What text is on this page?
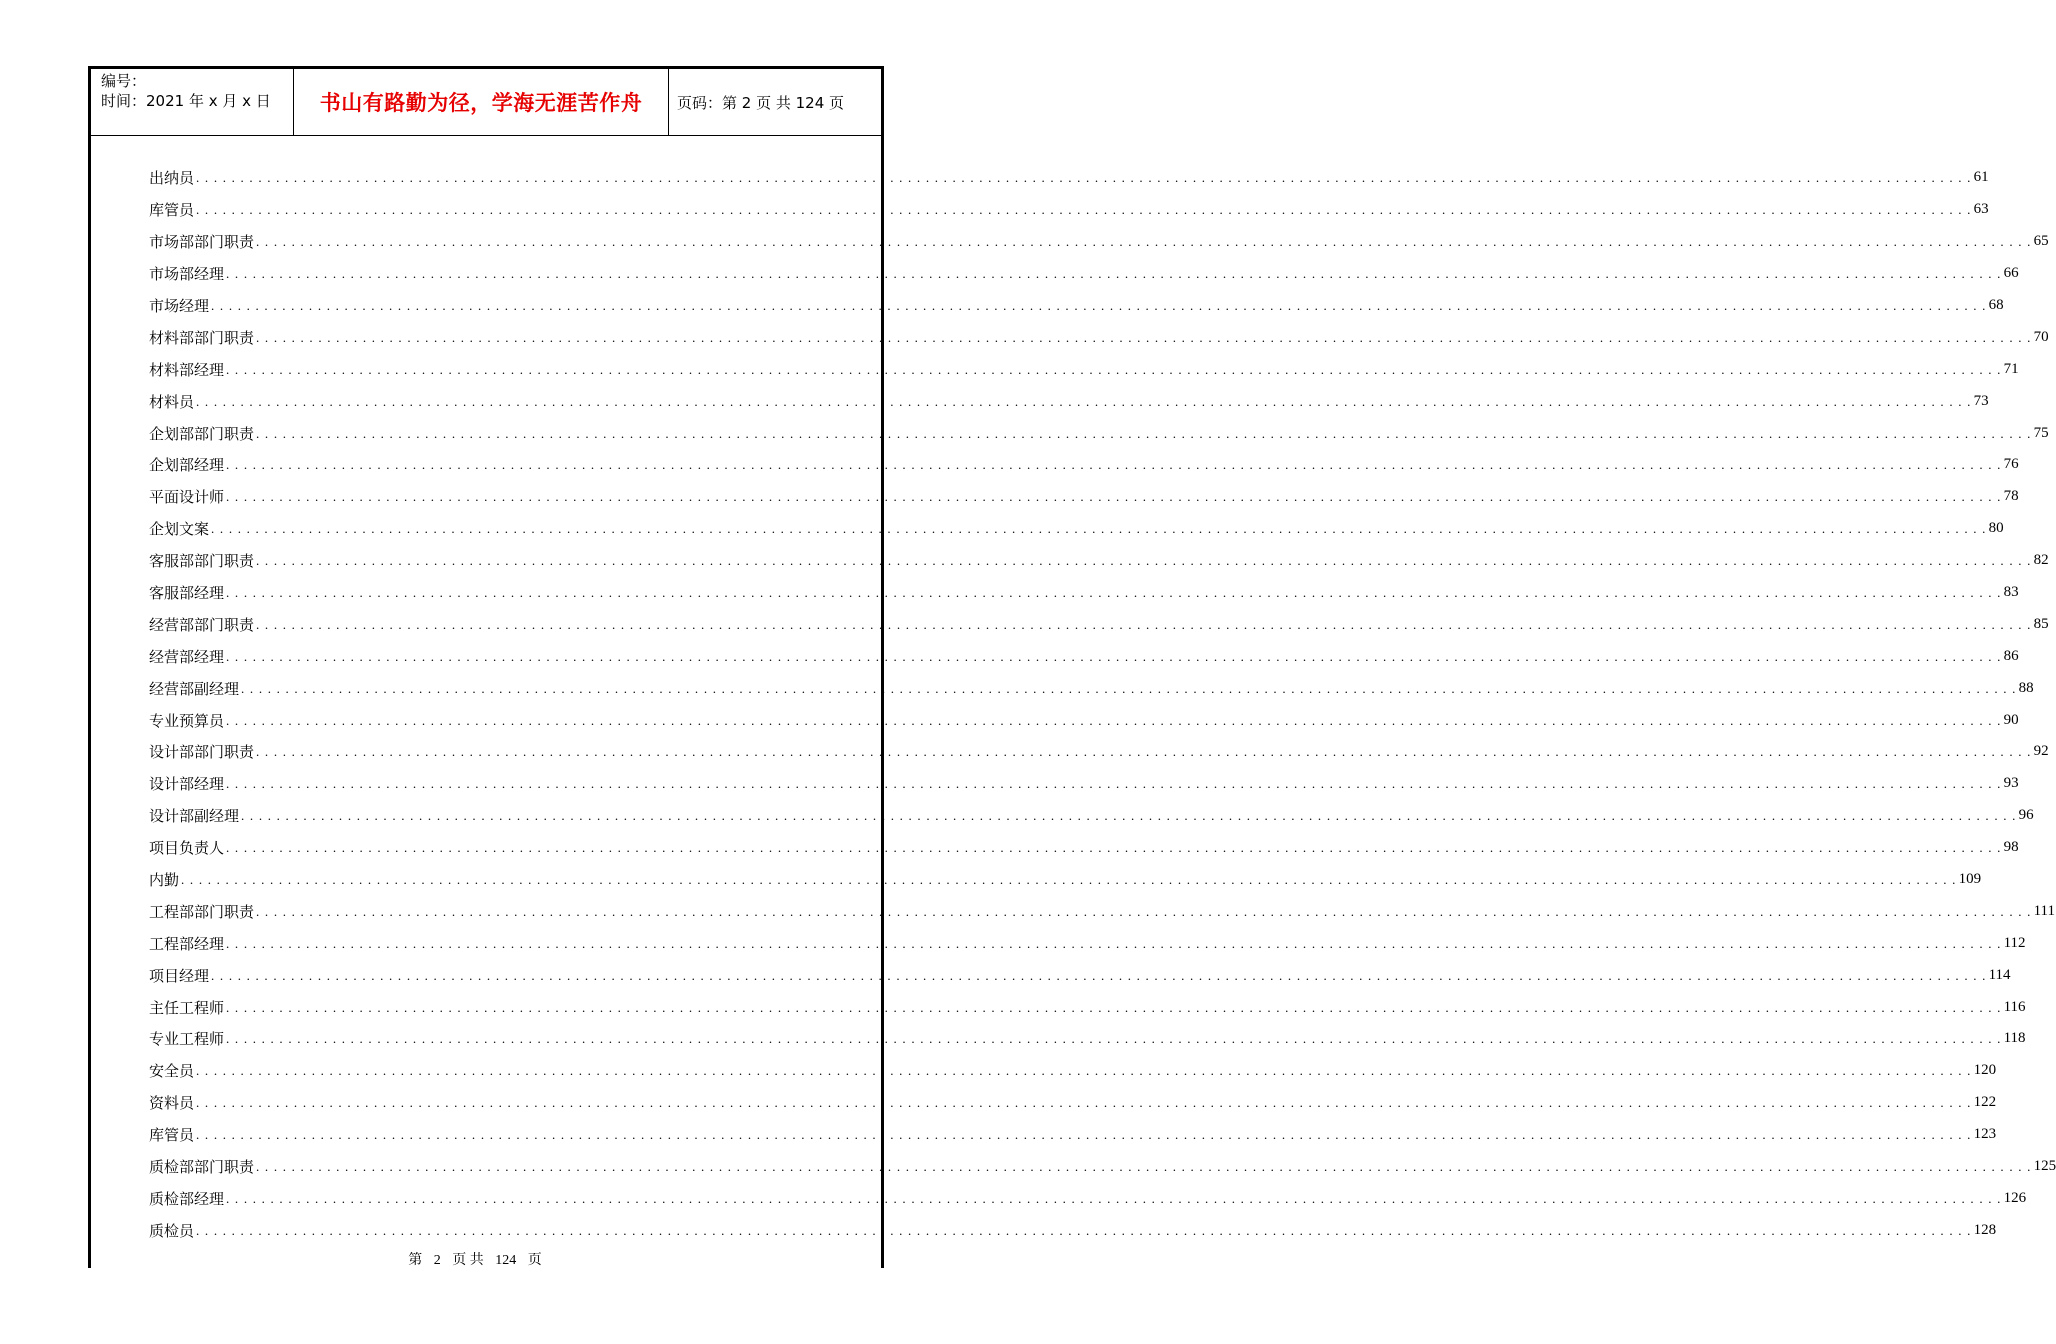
编号：
时间：2021 年 x 月 x 日	书山有路勤为径，学海无涯苦作舟	页码：第 2 页 共 124 页
出纳员 . . . . . . . . . . . . . . . . . . . . . . . . . . . . . . . . . . . . . . . . . . . . . . . . . . . . . . . . . . . . . . . . . . . . . . . . . . . . . . . . . . . . . . . . . . . . . . . . . . . . . . . . . . . . . . . . . . . . . . . . . . . . . . . . . . . . . . . . . . . . . . . . . . . . . . . . . . . . . . . . . . . . . . . . . . . . . . . . . . . . . . . . . . . . . . . . . . . . . . . . 61
库管员 . . . . . . . . . . . . . . . . . . . . . . . . . . . . . . . . . . . . . . . . . . . . . . . . . . . . . . . . . . . . . . . . . . . . . . . . . . . . . . . . . . . . . . . . . . . . . . . . . . . . . . . . . . . . . . . . . . . . . . . . . . . . . . . . . . . . . . . . . . . . . . . . . . . . . . . . . . . . . . . . . . . . . . . . . . . . . . . . . . . . . . . . . . . . . . . . . . . . . . . . 63
市场部部门职责 . . . . . . . . . . . . . . . . . . . . . . . . . . . . . . . . . . . . . . . . . . . . . . . . . . . . . . . . . . . . . . . . . . . . . . . . . . . . . . . . . . . . . . . . . . . . . . . . . . . . . . . . . . . . . . . . . . . . . . . . . . . . . . . . . . . . . . . . . . . . . . . . . . . . . . . . . . . . . . . . . . . . . . . . . . . . . . . . . . . . . . . . . . . . . . . . . . . . . . . . 65
市场部经理 . . . . . . . . . . . . . . . . . . . . . . . . . . . . . . . . . . . . . . . . . . . . . . . . . . . . . . . . . . . . . . . . . . . . . . . . . . . . . . . . . . . . . . . . . . . . . . . . . . . . . . . . . . . . . . . . . . . . . . . . . . . . . . . . . . . . . . . . . . . . . . . . . . . . . . . . . . . . . . . . . . . . . . . . . . . . . . . . . . . . . . . . . . . . . . . . . . . . . . . . 66
市场经理 . . . . . . . . . . . . . . . . . . . . . . . . . . . . . . . . . . . . . . . . . . . . . . . . . . . . . . . . . . . . . . . . . . . . . . . . . . . . . . . . . . . . . . . . . . . . . . . . . . . . . . . . . . . . . . . . . . . . . . . . . . . . . . . . . . . . . . . . . . . . . . . . . . . . . . . . . . . . . . . . . . . . . . . . . . . . . . . . . . . . . . . . . . . . . . . . . . . . . . . . 68
材料部部门职责 . . . . . . . . . . . . . . . . . . . . . . . . . . . . . . . . . . . . . . . . . . . . . . . . . . . . . . . . . . . . . . . . . . . . . . . . . . . . . . . . . . . . . . . . . . . . . . . . . . . . . . . . . . . . . . . . . . . . . . . . . . . . . . . . . . . . . . . . . . . . . . . . . . . . . . . . . . . . . . . . . . . . . . . . . . . . . . . . . . . . . . . . . . . . . . . . . . . . . . . . 70
材料部经理 . . . . . . . . . . . . . . . . . . . . . . . . . . . . . . . . . . . . . . . . . . . . . . . . . . . . . . . . . . . . . . . . . . . . . . . . . . . . . . . . . . . . . . . . . . . . . . . . . . . . . . . . . . . . . . . . . . . . . . . . . . . . . . . . . . . . . . . . . . . . . . . . . . . . . . . . . . . . . . . . . . . . . . . . . . . . . . . . . . . . . . . . . . . . . . . . . . . . . . . . 71
材料员 . . . . . . . . . . . . . . . . . . . . . . . . . . . . . . . . . . . . . . . . . . . . . . . . . . . . . . . . . . . . . . . . . . . . . . . . . . . . . . . . . . . . . . . . . . . . . . . . . . . . . . . . . . . . . . . . . . . . . . . . . . . . . . . . . . . . . . . . . . . . . . . . . . . . . . . . . . . . . . . . . . . . . . . . . . . . . . . . . . . . . . . . . . . . . . . . . . . . . . . . 73
企划部部门职责 . . . . . . . . . . . . . . . . . . . . . . . . . . . . . . . . . . . . . . . . . . . . . . . . . . . . . . . . . . . . . . . . . . . . . . . . . . . . . . . . . . . . . . . . . . . . . . . . . . . . . . . . . . . . . . . . . . . . . . . . . . . . . . . . . . . . . . . . . . . . . . . . . . . . . . . . . . . . . . . . . . . . . . . . . . . . . . . . . . . . . . . . . . . . . . . . . . . . . . . . 75
企划部经理 . . . . . . . . . . . . . . . . . . . . . . . . . . . . . . . . . . . . . . . . . . . . . . . . . . . . . . . . . . . . . . . . . . . . . . . . . . . . . . . . . . . . . . . . . . . . . . . . . . . . . . . . . . . . . . . . . . . . . . . . . . . . . . . . . . . . . . . . . . . . . . . . . . . . . . . . . . . . . . . . . . . . . . . . . . . . . . . . . . . . . . . . . . . . . . . . . . . . . . . . 76
平面设计师 . . . . . . . . . . . . . . . . . . . . . . . . . . . . . . . . . . . . . . . . . . . . . . . . . . . . . . . . . . . . . . . . . . . . . . . . . . . . . . . . . . . . . . . . . . . . . . . . . . . . . . . . . . . . . . . . . . . . . . . . . . . . . . . . . . . . . . . . . . . . . . . . . . . . . . . . . . . . . . . . . . . . . . . . . . . . . . . . . . . . . . . . . . . . . . . . . . . . . . . . 78
企划文案 . . . . . . . . . . . . . . . . . . . . . . . . . . . . . . . . . . . . . . . . . . . . . . . . . . . . . . . . . . . . . . . . . . . . . . . . . . . . . . . . . . . . . . . . . . . . . . . . . . . . . . . . . . . . . . . . . . . . . . . . . . . . . . . . . . . . . . . . . . . . . . . . . . . . . . . . . . . . . . . . . . . . . . . . . . . . . . . . . . . . . . . . . . . . . . . . . . . . . . . . 80
客服部部门职责 . . . . . . . . . . . . . . . . . . . . . . . . . . . . . . . . . . . . . . . . . . . . . . . . . . . . . . . . . . . . . . . . . . . . . . . . . . . . . . . . . . . . . . . . . . . . . . . . . . . . . . . . . . . . . . . . . . . . . . . . . . . . . . . . . . . . . . . . . . . . . . . . . . . . . . . . . . . . . . . . . . . . . . . . . . . . . . . . . . . . . . . . . . . . . . . . . . . . . . . . 82
客服部经理 . . . . . . . . . . . . . . . . . . . . . . . . . . . . . . . . . . . . . . . . . . . . . . . . . . . . . . . . . . . . . . . . . . . . . . . . . . . . . . . . . . . . . . . . . . . . . . . . . . . . . . . . . . . . . . . . . . . . . . . . . . . . . . . . . . . . . . . . . . . . . . . . . . . . . . . . . . . . . . . . . . . . . . . . . . . . . . . . . . . . . . . . . . . . . . . . . . . . . . . . 83
经营部部门职责 . . . . . . . . . . . . . . . . . . . . . . . . . . . . . . . . . . . . . . . . . . . . . . . . . . . . . . . . . . . . . . . . . . . . . . . . . . . . . . . . . . . . . . . . . . . . . . . . . . . . . . . . . . . . . . . . . . . . . . . . . . . . . . . . . . . . . . . . . . . . . . . . . . . . . . . . . . . . . . . . . . . . . . . . . . . . . . . . . . . . . . . . . . . . . . . . . . . . . . . . 85
经营部经理 . . . . . . . . . . . . . . . . . . . . . . . . . . . . . . . . . . . . . . . . . . . . . . . . . . . . . . . . . . . . . . . . . . . . . . . . . . . . . . . . . . . . . . . . . . . . . . . . . . . . . . . . . . . . . . . . . . . . . . . . . . . . . . . . . . . . . . . . . . . . . . . . . . . . . . . . . . . . . . . . . . . . . . . . . . . . . . . . . . . . . . . . . . . . . . . . . . . . . . . . 86
经营部副经理 . . . . . . . . . . . . . . . . . . . . . . . . . . . . . . . . . . . . . . . . . . . . . . . . . . . . . . . . . . . . . . . . . . . . . . . . . . . . . . . . . . . . . . . . . . . . . . . . . . . . . . . . . . . . . . . . . . . . . . . . . . . . . . . . . . . . . . . . . . . . . . . . . . . . . . . . . . . . . . . . . . . . . . . . . . . . . . . . . . . . . . . . . . . . . . . . . . . . . . . . 88
专业预算员 . . . . . . . . . . . . . . . . . . . . . . . . . . . . . . . . . . . . . . . . . . . . . . . . . . . . . . . . . . . . . . . . . . . . . . . . . . . . . . . . . . . . . . . . . . . . . . . . . . . . . . . . . . . . . . . . . . . . . . . . . . . . . . . . . . . . . . . . . . . . . . . . . . . . . . . . . . . . . . . . . . . . . . . . . . . . . . . . . . . . . . . . . . . . . . . . . . . . . . . . 90
设计部部门职责 . . . . . . . . . . . . . . . . . . . . . . . . . . . . . . . . . . . . . . . . . . . . . . . . . . . . . . . . . . . . . . . . . . . . . . . . . . . . . . . . . . . . . . . . . . . . . . . . . . . . . . . . . . . . . . . . . . . . . . . . . . . . . . . . . . . . . . . . . . . . . . . . . . . . . . . . . . . . . . . . . . . . . . . . . . . . . . . . . . . . . . . . . . . . . . . . . . . . . . . . 92
设计部经理 . . . . . . . . . . . . . . . . . . . . . . . . . . . . . . . . . . . . . . . . . . . . . . . . . . . . . . . . . . . . . . . . . . . . . . . . . . . . . . . . . . . . . . . . . . . . . . . . . . . . . . . . . . . . . . . . . . . . . . . . . . . . . . . . . . . . . . . . . . . . . . . . . . . . . . . . . . . . . . . . . . . . . . . . . . . . . . . . . . . . . . . . . . . . . . . . . . . . . . . . 93
设计部副经理 . . . . . . . . . . . . . . . . . . . . . . . . . . . . . . . . . . . . . . . . . . . . . . . . . . . . . . . . . . . . . . . . . . . . . . . . . . . . . . . . . . . . . . . . . . . . . . . . . . . . . . . . . . . . . . . . . . . . . . . . . . . . . . . . . . . . . . . . . . . . . . . . . . . . . . . . . . . . . . . . . . . . . . . . . . . . . . . . . . . . . . . . . . . . . . . . . . . . . . . . 96
项目负责人 . . . . . . . . . . . . . . . . . . . . . . . . . . . . . . . . . . . . . . . . . . . . . . . . . . . . . . . . . . . . . . . . . . . . . . . . . . . . . . . . . . . . . . . . . . . . . . . . . . . . . . . . . . . . . . . . . . . . . . . . . . . . . . . . . . . . . . . . . . . . . . . . . . . . . . . . . . . . . . . . . . . . . . . . . . . . . . . . . . . . . . . . . . . . . . . . . . . . . . . . 98
内勤 . . . . . . . . . . . . . . . . . . . . . . . . . . . . . . . . . . . . . . . . . . . . . . . . . . . . . . . . . . . . . . . . . . . . . . . . . . . . . . . . . . . . . . . . . . . . . . . . . . . . . . . . . . . . . . . . . . . . . . . . . . . . . . . . . . . . . . . . . . . . . . . . . . . . . . . . . . . . . . . . . . . . . . . . . . . . . . . . . . . . . . . . . . . . . . . . . . . . . . . . 109
工程部部门职责 . . . . . . . . . . . . . . . . . . . . . . . . . . . . . . . . . . . . . . . . . . . . . . . . . . . . . . . . . . . . . . . . . . . . . . . . . . . . . . . . . . . . . . . . . . . . . . . . . . . . . . . . . . . . . . . . . . . . . . . . . . . . . . . . . . . . . . . . . . . . . . . . . . . . . . . . . . . . . . . . . . . . . . . . . . . . . . . . . . . . . . . . . . . . . . . . . . . . . . . . 111
工程部经理 . . . . . . . . . . . . . . . . . . . . . . . . . . . . . . . . . . . . . . . . . . . . . . . . . . . . . . . . . . . . . . . . . . . . . . . . . . . . . . . . . . . . . . . . . . . . . . . . . . . . . . . . . . . . . . . . . . . . . . . . . . . . . . . . . . . . . . . . . . . . . . . . . . . . . . . . . . . . . . . . . . . . . . . . . . . . . . . . . . . . . . . . . . . . . . . . . . . . . . . . 112
项目经理 . . . . . . . . . . . . . . . . . . . . . . . . . . . . . . . . . . . . . . . . . . . . . . . . . . . . . . . . . . . . . . . . . . . . . . . . . . . . . . . . . . . . . . . . . . . . . . . . . . . . . . . . . . . . . . . . . . . . . . . . . . . . . . . . . . . . . . . . . . . . . . . . . . . . . . . . . . . . . . . . . . . . . . . . . . . . . . . . . . . . . . . . . . . . . . . . . . . . . . . . 114
主任工程师 . . . . . . . . . . . . . . . . . . . . . . . . . . . . . . . . . . . . . . . . . . . . . . . . . . . . . . . . . . . . . . . . . . . . . . . . . . . . . . . . . . . . . . . . . . . . . . . . . . . . . . . . . . . . . . . . . . . . . . . . . . . . . . . . . . . . . . . . . . . . . . . . . . . . . . . . . . . . . . . . . . . . . . . . . . . . . . . . . . . . . . . . . . . . . . . . . . . . . . . . 116
专业工程师 . . . . . . . . . . . . . . . . . . . . . . . . . . . . . . . . . . . . . . . . . . . . . . . . . . . . . . . . . . . . . . . . . . . . . . . . . . . . . . . . . . . . . . . . . . . . . . . . . . . . . . . . . . . . . . . . . . . . . . . . . . . . . . . . . . . . . . . . . . . . . . . . . . . . . . . . . . . . . . . . . . . . . . . . . . . . . . . . . . . . . . . . . . . . . . . . . . . . . . . . 118
安全员 . . . . . . . . . . . . . . . . . . . . . . . . . . . . . . . . . . . . . . . . . . . . . . . . . . . . . . . . . . . . . . . . . . . . . . . . . . . . . . . . . . . . . . . . . . . . . . . . . . . . . . . . . . . . . . . . . . . . . . . . . . . . . . . . . . . . . . . . . . . . . . . . . . . . . . . . . . . . . . . . . . . . . . . . . . . . . . . . . . . . . . . . . . . . . . . . . . . . . . . . 120
资料员 . . . . . . . . . . . . . . . . . . . . . . . . . . . . . . . . . . . . . . . . . . . . . . . . . . . . . . . . . . . . . . . . . . . . . . . . . . . . . . . . . . . . . . . . . . . . . . . . . . . . . . . . . . . . . . . . . . . . . . . . . . . . . . . . . . . . . . . . . . . . . . . . . . . . . . . . . . . . . . . . . . . . . . . . . . . . . . . . . . . . . . . . . . . . . . . . . . . . . . . . 122
库管员 . . . . . . . . . . . . . . . . . . . . . . . . . . . . . . . . . . . . . . . . . . . . . . . . . . . . . . . . . . . . . . . . . . . . . . . . . . . . . . . . . . . . . . . . . . . . . . . . . . . . . . . . . . . . . . . . . . . . . . . . . . . . . . . . . . . . . . . . . . . . . . . . . . . . . . . . . . . . . . . . . . . . . . . . . . . . . . . . . . . . . . . . . . . . . . . . . . . . . . . . 123
质检部部门职责 . . . . . . . . . . . . . . . . . . . . . . . . . . . . . . . . . . . . . . . . . . . . . . . . . . . . . . . . . . . . . . . . . . . . . . . . . . . . . . . . . . . . . . . . . . . . . . . . . . . . . . . . . . . . . . . . . . . . . . . . . . . . . . . . . . . . . . . . . . . . . . . . . . . . . . . . . . . . . . . . . . . . . . . . . . . . . . . . . . . . . . . . . . . . . . . . . . . . . . . . 125
质检部经理 . . . . . . . . . . . . . . . . . . . . . . . . . . . . . . . . . . . . . . . . . . . . . . . . . . . . . . . . . . . . . . . . . . . . . . . . . . . . . . . . . . . . . . . . . . . . . . . . . . . . . . . . . . . . . . . . . . . . . . . . . . . . . . . . . . . . . . . . . . . . . . . . . . . . . . . . . . . . . . . . . . . . . . . . . . . . . . . . . . . . . . . . . . . . . . . . . . . . . . . . 126
质检员 . . . . . . . . . . . . . . . . . . . . . . . . . . . . . . . . . . . . . . . . . . . . . . . . . . . . . . . . . . . . . . . . . . . . . . . . . . . . . . . . . . . . . . . . . . . . . . . . . . . . . . . . . . . . . . . . . . . . . . . . . . . . . . . . . . . . . . . . . . . . . . . . . . . . . . . . . . . . . . . . . . . . . . . . . . . . . . . . . . . . . . . . . . . . . . . . . . . . . . . . 128
第 2 页 共 124 页
